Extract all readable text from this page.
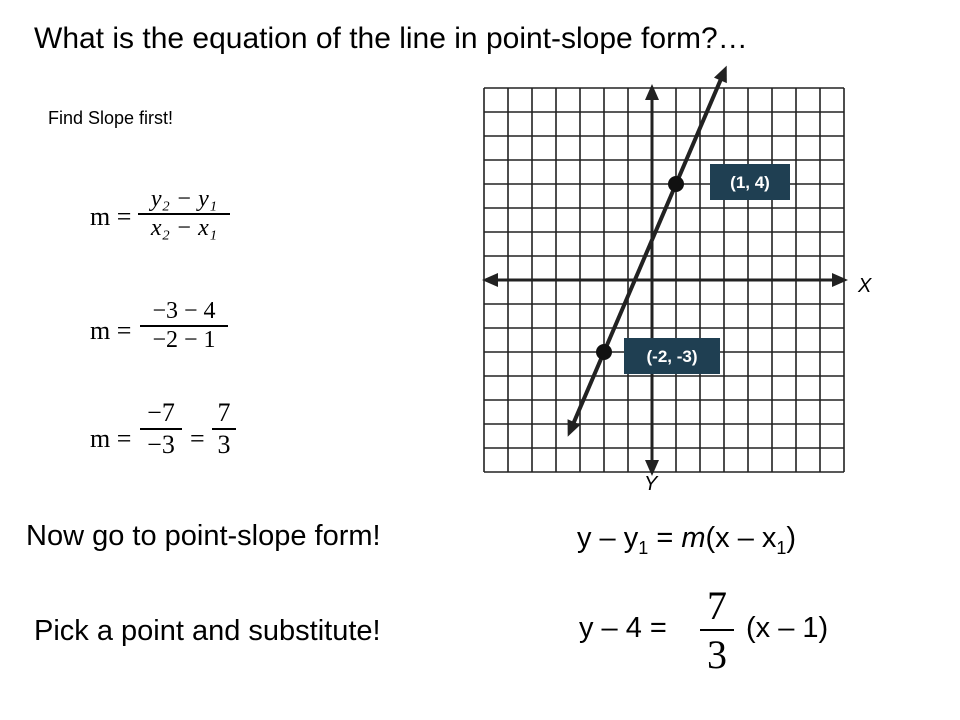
What is the equation of the line in point-slope form?…
Find Slope first!
m =
y₂ − y₁
x₂ − x₁
m =
−3 − 4
−2 − 1
m =
−7
−3 =
7
3
(1, 4)
(-2, -3)
X
Y
Now go to point-slope form!	$y - y_1 = m(x - x_1)$
Pick a point and substitute!	y – 4 =	7
3
(x – 1)
